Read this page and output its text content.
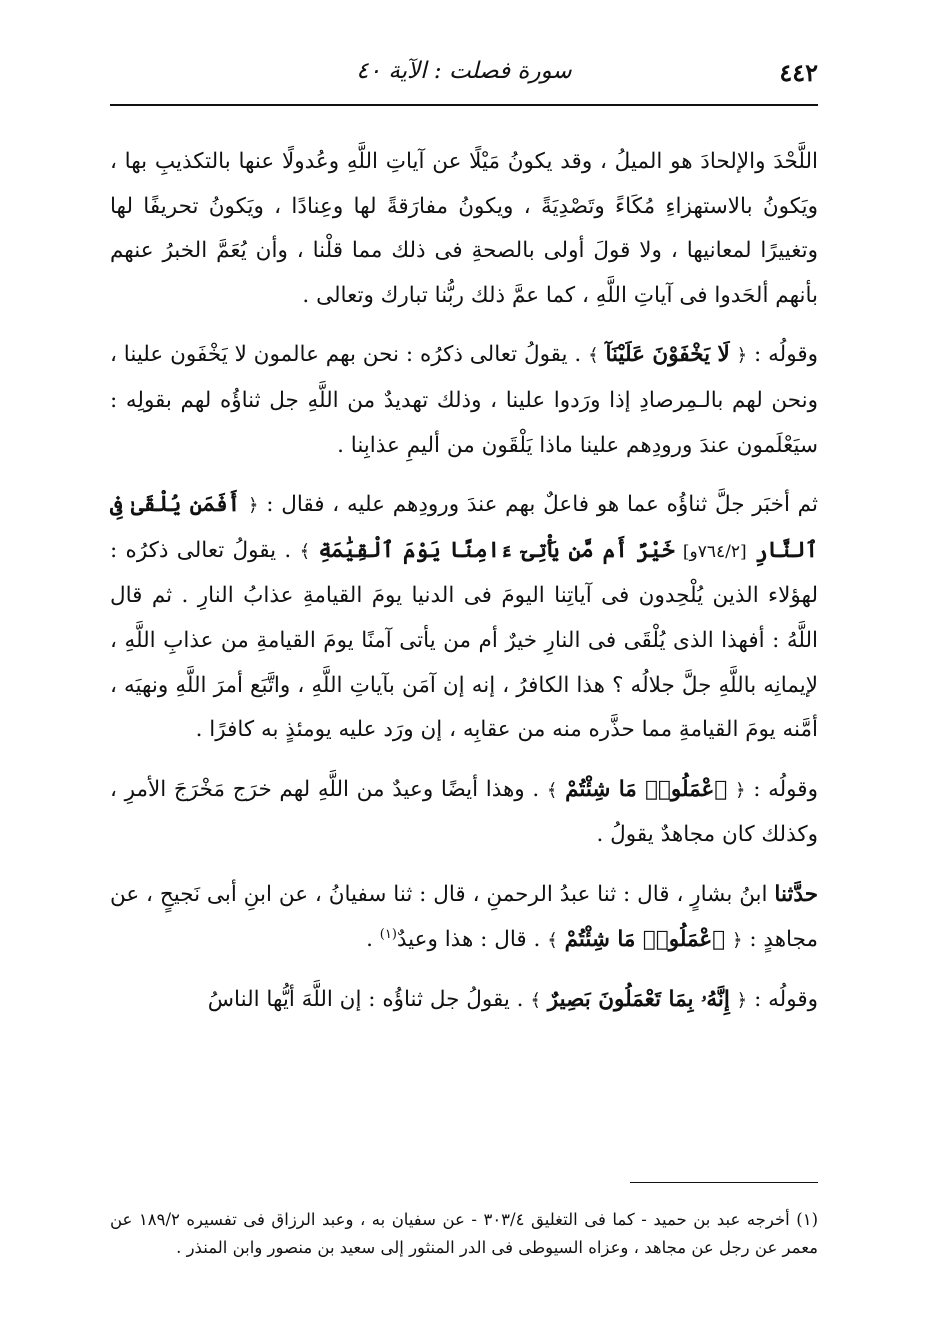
٤٤٢
سورة فصلت : الآية ٤٠

اللَّحْدَ والإلحادَ هو الميلُ ، وقد يكونُ مَيْلًا عن آياتِ اللَّهِ وعُدولًا عنها بالتكذيبِ بها ، ويَكونُ بالاستهزاءِ مُكَاءً وتَصْدِيَةً ، ويكونُ مفارَقةً لها وعِنادًا ، ويَكونُ تحريفًا لها وتغييرًا لمعانيها ، ولا قولَ أولى بالصحةِ فى ذلك مما قلْنا ، وأن يُعَمَّ الخبرُ عنهم بأنهم ألحَدوا فى آياتِ اللَّهِ ، كما عمَّ ذلك ربُّنا تبارك وتعالى .

وقولُه : ﴿ لَا يَخْفَوْنَ عَلَيْنَآ ﴾ . يقولُ تعالى ذكرُه : نحن بهم عالمون لا يَخْفَون علينا ، ونحن لهم بالـمِرصادِ إذا ورَدوا علينا ، وذلك تهديدٌ من اللَّهِ جل ثناؤُه لهم بقولِه : سيَعْلَمون عندَ ورودِهم علينا ماذا يَلْقَون من أليمِ عذابِنا .

ثم أخبَر جلَّ ثناؤُه عما هو فاعلٌ بهم عندَ ورودِهم عليه ، فقال : ﴿ أَفَمَن يُلْقَىٰ فِى ٱلنَّارِ [٧٦٤/٢و] خَيْرٌ أَم مَّن يَأْتِىٓ ءَامِنًا يَوْمَ ٱلْقِيَٰمَةِ ﴾ . يقولُ تعالى ذكرُه : لهؤلاء الذين يُلْحِدون فى آياتِنا اليومَ فى الدنيا يومَ القيامةِ عذابُ النارِ . ثم قال اللَّهُ : أفهذا الذى يُلْقَى فى النارِ خيرٌ أم من يأتى آمنًا يومَ القيامةِ من عذابِ اللَّهِ ، لإيمانِه باللَّهِ جلَّ جلالُه ؟ هذا الكافرُ ، إنه إن آمَن بآياتِ اللَّهِ ، واتَّبَع أمرَ اللَّهِ ونهيَه ، أمَّنه يومَ القيامةِ مما حذَّره منه من عقابِه ، إن ورَد عليه يومئذٍ به كافرًا .

وقولُه : ﴿ ٱعْمَلُوا۟ مَا شِئْتُمْ ﴾ . وهذا أيضًا وعيدٌ من اللَّهِ لهم خرَج مَخْرَجَ الأمرِ ، وكذلك كان مجاهدٌ يقولُ .

حدَّثنا ابنُ بشارٍ ، قال : ثنا عبدُ الرحمنِ ، قال : ثنا سفيانُ ، عن ابنِ أبى نَجيحٍ ، عن مجاهدٍ : ﴿ ٱعْمَلُوا۟ مَا شِئْتُمْ ﴾ . قال : هذا وعيدٌ$^{(١)}$ .

وقولُه : ﴿ إِنَّهُۥ بِمَا تَعْمَلُونَ بَصِيرٌ ﴾ . يقولُ جل ثناؤُه : إن اللَّهَ أيُّها الناسُ

(١) أخرجه عبد بن حميد - كما فى التغليق ٣٠٣/٤ - عن سفيان به ، وعبد الرزاق فى تفسيره ١٨٩/٢ عن معمر عن رجل عن مجاهد ، وعزاه السيوطى فى الدر المنثور إلى سعيد بن منصور وابن المنذر .
